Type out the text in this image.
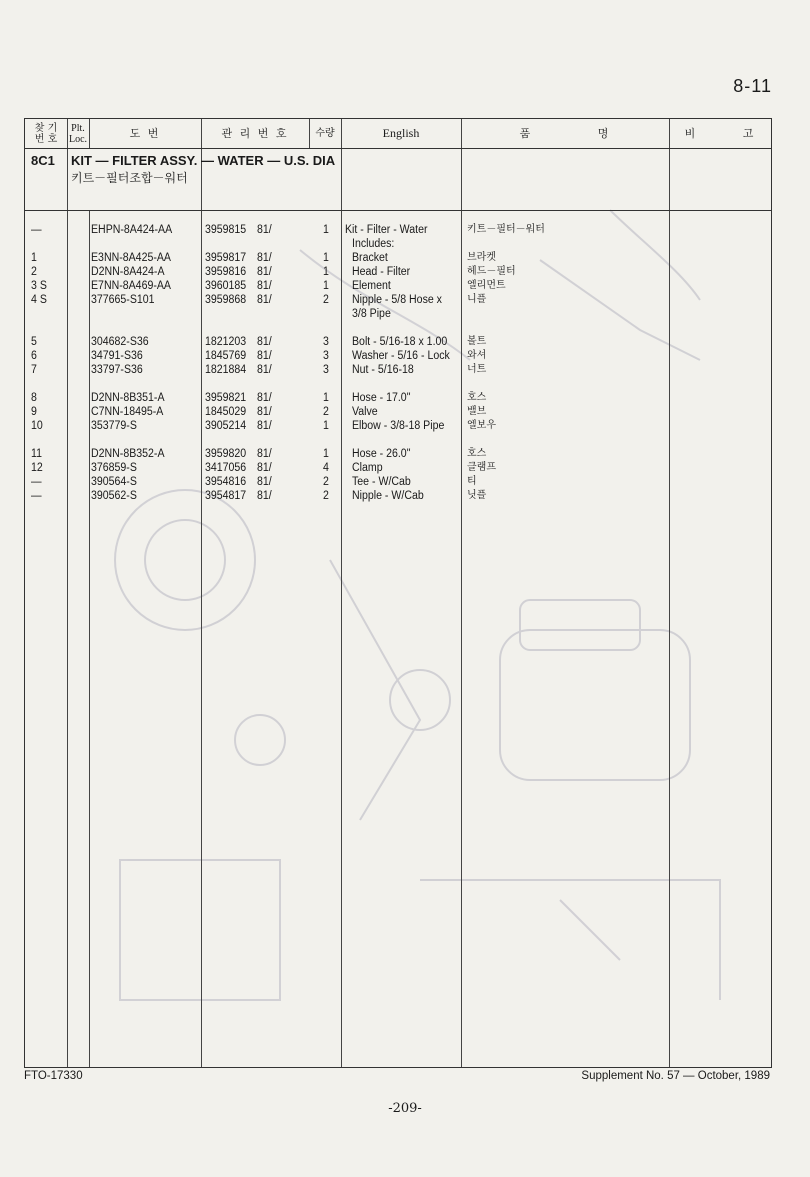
8-11
찾 기
번 호
Plt.
Loc.	도 번	관 리 번 호	수량	English	품 명	비 고
8C1 KIT — FILTER ASSY. — WATER — U.S. DIA
키트－필터조합－워터
—	EHPN-8A424-AA	3959815 81/	1 Kit - Filter - Water	키트－필터－워터
Includes:
1	E3NN-8A425-AA	3959817 81/	1 Bracket	브라켓
2	D2NN-8A424-A	3959816 81/	1 Head - Filter	헤드－필터
3 S	E7NN-8A469-AA	3960185 81/	1 Element	엘리먼트
4 S	377665-S101	3959868 81/	2 Nipple - 5/8 Hose x	니플
3/8 Pipe
5	304682-S36	1821203 81/	3 Bolt - 5/16-18 x 1.00 볼트
6	34791-S36	1845769 81/	3 Washer - 5/16 - Lock 와셔
7	33797-S36	1821884 81/	3 Nut - 5/16-18	너트
8	D2NN-8B351-A	3959821 81/	1 Hose - 17.0"	호스
9	C7NN-18495-A	1845029 81/	2 Valve	밸브
10	353779-S	3905214 81/	1 Elbow - 3/8-18 Pipe 엘보우
11	D2NN-8B352-A	3959820 81/	1 Hose - 26.0"	호스
12	376859-S	3417056 81/	4 Clamp	클램프
—	390564-S	3954816 81/	2 Tee - W/Cab	티
—	390562-S	3954817 81/	2 Nipple - W/Cab	닛플
FTO-17330	Supplement No. 57 — October, 1989
-209-
